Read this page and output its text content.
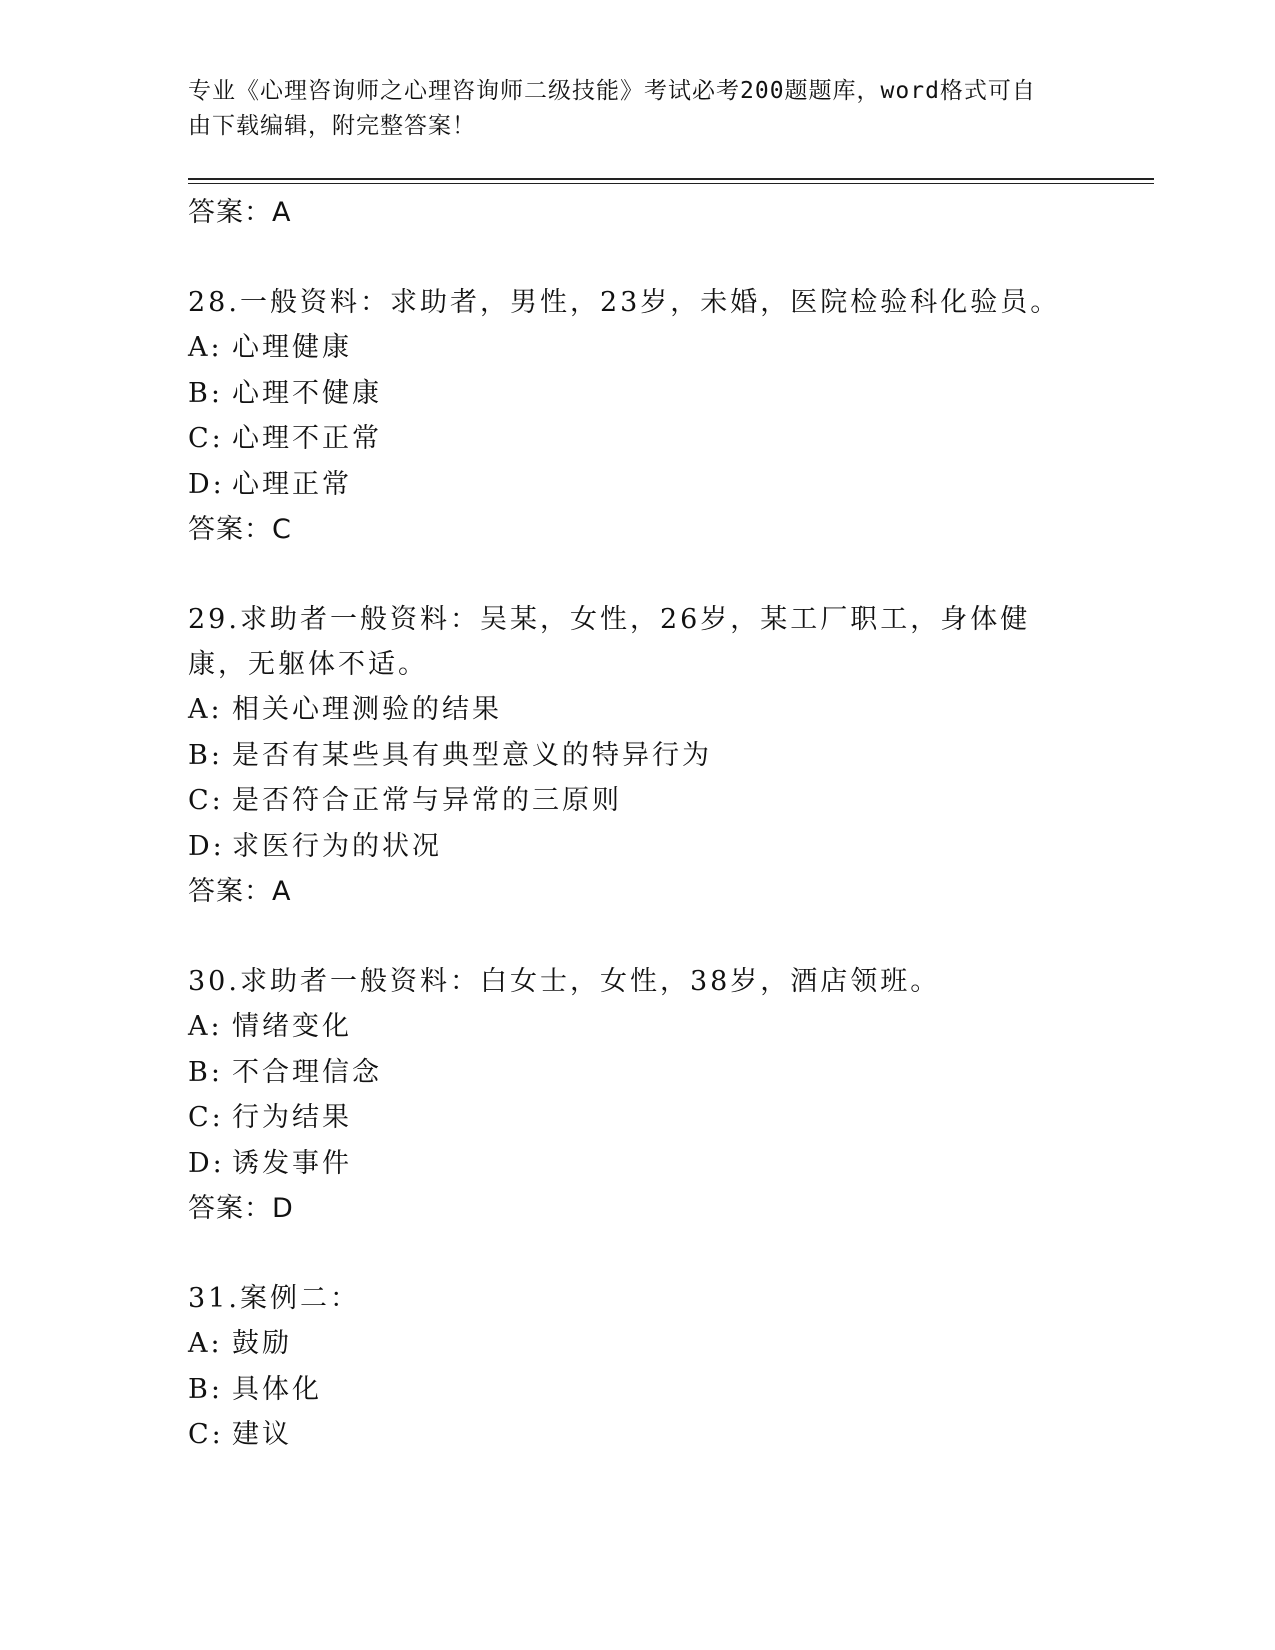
专业《心理咨询师之心理咨询师二级技能》考试必考200题题库，word格式可自
由下载编辑，附完整答案！
答案：A
28.一般资料：求助者，男性，23岁，未婚，医院检验科化验员。
A: 心理健康
B: 心理不健康
C: 心理不正常
D: 心理正常
答案：C
29.求助者一般资料：吴某，女性，26岁，某工厂职工，身体健康，无躯体不适。
A: 相关心理测验的结果
B: 是否有某些具有典型意义的特异行为
C: 是否符合正常与异常的三原则
D: 求医行为的状况
答案：A
30.求助者一般资料：白女士，女性，38岁，酒店领班。
A: 情绪变化
B: 不合理信念
C: 行为结果
D: 诱发事件
答案：D
31.案例二：
A: 鼓励
B: 具体化
C: 建议
